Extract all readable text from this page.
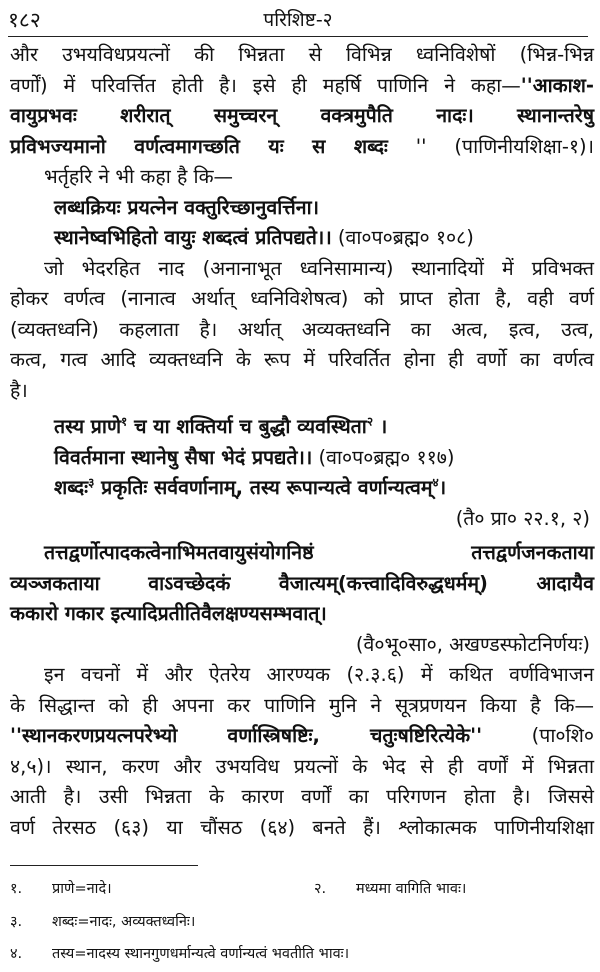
१८२	परिशिष्ट-२

और उभयविधप्रयत्नों की भिन्नता से विभिन्न ध्वनिविशेषों (भिन्न-भिन्न

वर्णों) में परिवर्त्तित होती है। इसे ही महर्षि पाणिनि ने कहा—''आकाश-

वायुप्रभवः शरीरात् समुच्चरन् वक्त्रमुपैति नादः। स्थानान्तरेषु

प्रविभज्यमानो वर्णत्वमागच्छति यः स शब्दः '' (पाणिनीयशिक्षा-१)।

भर्तृहरि ने भी कहा है कि—

लब्धक्रियः प्रयत्नेन वक्तुरिच्छानुवर्त्तिना।

स्थानेष्वभिहितो वायुः शब्दत्वं प्रतिपद्यते।। (वा०प०ब्रह्म० १०८)

जो भेदरहित नाद (अनानाभूत ध्वनिसामान्य) स्थानादियों में प्रविभक्त

होकर वर्णत्व (नानात्व अर्थात् ध्वनिविशेषत्व) को प्राप्त होता है, वही वर्ण

(व्यक्तध्वनि) कहलाता है। अर्थात् अव्यक्तध्वनि का अत्व, इत्व, उत्व,

कत्व, गत्व आदि व्यक्तध्वनि के रूप में परिवर्तित होना ही वर्णो का वर्णत्व

है।

तस्य प्राणे$^१$ च या शक्तिर्या च बुद्धौ व्यवस्थिता$^२$ ।

विवर्तमाना स्थानेषु सैषा भेदं प्रपद्यते।। (वा०प०ब्रह्म० ११७)

शब्दः$^३$ प्रकृतिः सर्ववर्णानाम्, तस्य रूपान्यत्वे वर्णान्यत्वम्$^४$।

(तै० प्रा० २२.१, २)

तत्तद्वर्णोत्पादकत्वेनाभिमतवायुसंयोगनिष्ठं तत्तद्वर्णजनकताया

व्यञ्जकताया वाऽवच्छेदकं वैजात्यम्(कत्त्वादिविरुद्धधर्मम्) आदायैव

ककारो गकार इत्यादिप्रतीतिवैलक्षण्यसम्भवात्।

(वै०भू०सा०, अखण्डस्फोटनिर्णयः)

इन वचनों में और ऐतरेय आरण्यक (२.३.६) में कथित वर्णविभाजन

के सिद्धान्त को ही अपना कर पाणिनि मुनि ने सूत्रप्रणयन किया है कि—

''स्थानकरणप्रयत्नपरेभ्यो वर्णास्त्रिषष्टिः, चतुःषष्टिरित्येके'' (पा०शि०

४,५)। स्थान, करण और उभयविध प्रयत्नों के भेद से ही वर्णों में भिन्नता

आती है। उसी भिन्नता के कारण वर्णों का परिगणन होता है। जिससे

वर्ण तेरसठ (६३) या चौंसठ (६४) बनते हैं। श्लोकात्मक पाणिनीयशिक्षा

१. प्राणे=नादे।	२. मध्यमा वागिति भावः।
३. शब्दः=नादः, अव्यक्तध्वनिः।
४. तस्य=नादस्य स्थानगुणधर्मान्यत्वे वर्णान्यत्वं भवतीति भावः।
